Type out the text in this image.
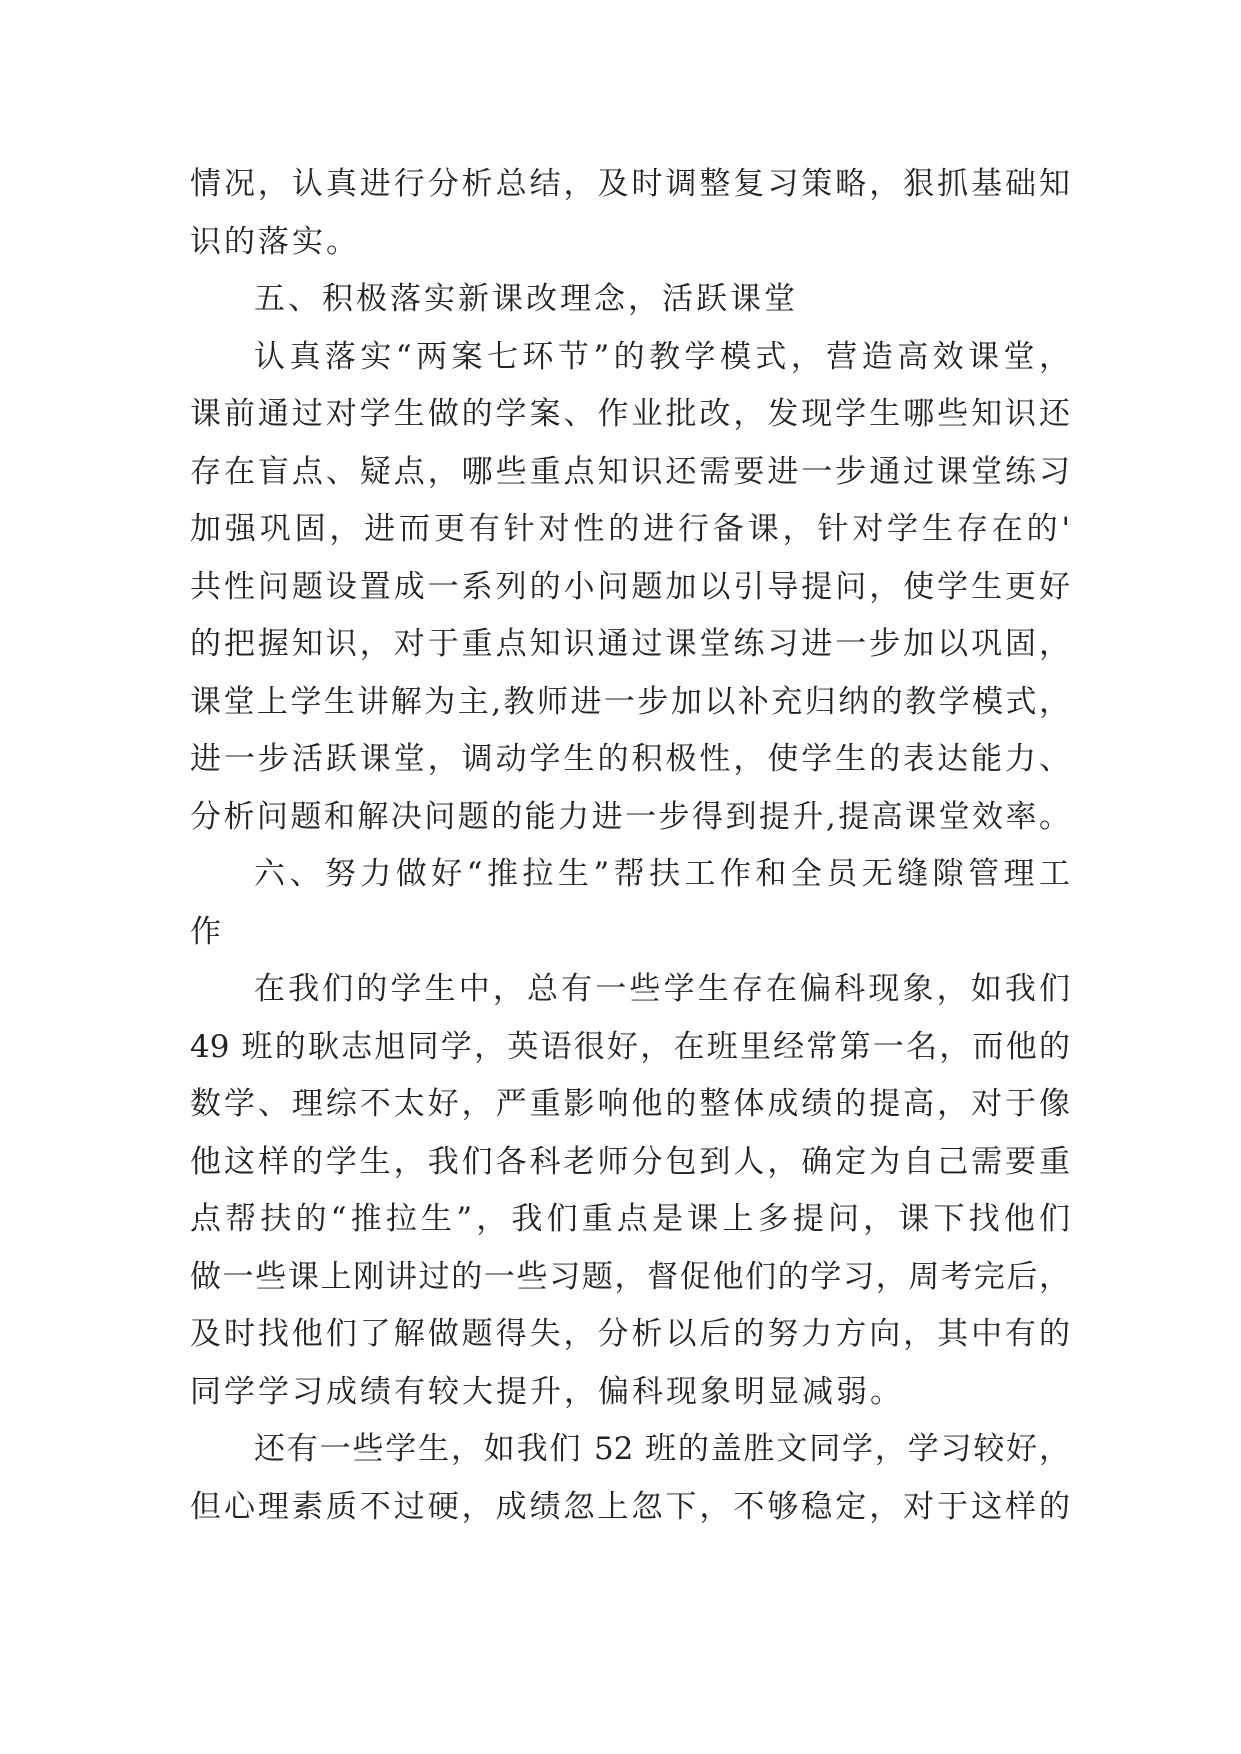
情况，认真进行分析总结，及时调整复习策略，狠抓基础知
识的落实。
五、积极落实新课改理念，活跃课堂
认真落实“两案七环节”的教学模式，营造高效课堂，
课前通过对学生做的学案、作业批改，发现学生哪些知识还
存在盲点、疑点，哪些重点知识还需要进一步通过课堂练习
加强巩固，进而更有针对性的进行备课，针对学生存在的'
共性问题设置成一系列的小问题加以引导提问，使学生更好
的把握知识，对于重点知识通过课堂练习进一步加以巩固，
课堂上学生讲解为主,教师进一步加以补充归纳的教学模式，
进一步活跃课堂，调动学生的积极性，使学生的表达能力、
分析问题和解决问题的能力进一步得到提升,提高课堂效率。
六、努力做好“推拉生”帮扶工作和全员无缝隙管理工
作
在我们的学生中，总有一些学生存在偏科现象，如我们
49 班的耿志旭同学，英语很好，在班里经常第一名，而他的
数学、理综不太好，严重影响他的整体成绩的提高，对于像
他这样的学生，我们各科老师分包到人，确定为自己需要重
点帮扶的“推拉生”，我们重点是课上多提问，课下找他们
做一些课上刚讲过的一些习题，督促他们的学习，周考完后，
及时找他们了解做题得失，分析以后的努力方向，其中有的
同学学习成绩有较大提升，偏科现象明显减弱。
还有一些学生，如我们 52 班的盖胜文同学，学习较好，
但心理素质不过硬，成绩忽上忽下，不够稳定，对于这样的
